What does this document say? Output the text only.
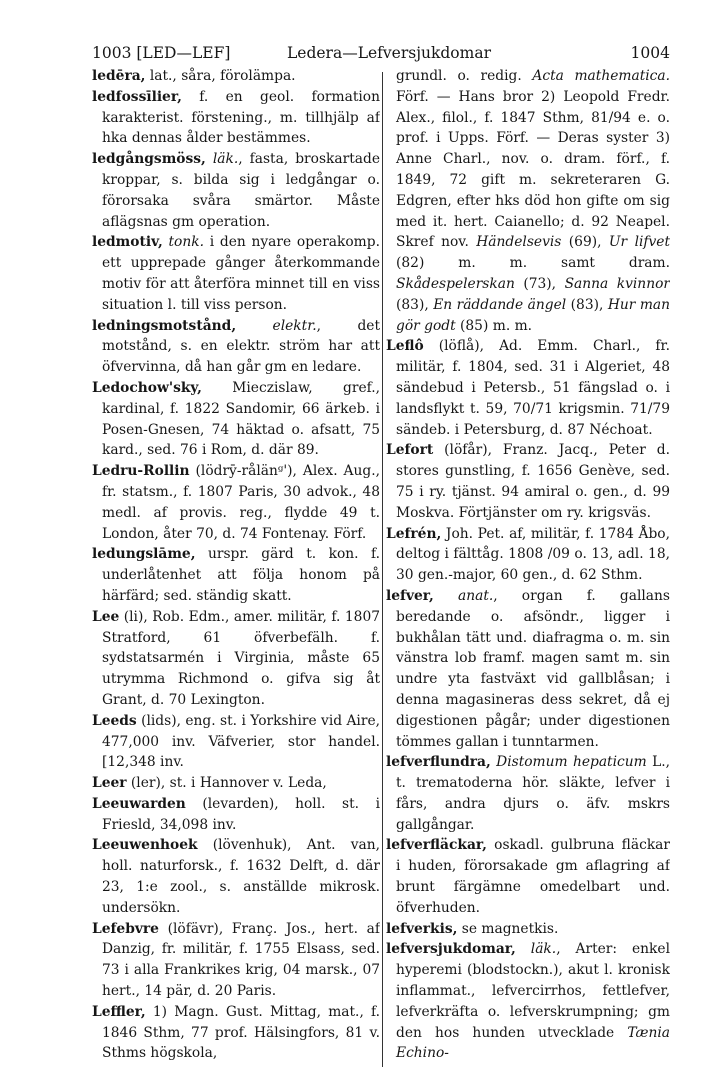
1003 [LED—LEF]	Ledera—Lefversjukdomar	1004

ledēra, lat., såra, förolämpa.

ledfossīlier, f. en geol. formation karakterist. förstening., m. tillhjälp af hka dennas ålder bestämmes.

ledgångsmöss, läk., fasta, broskartade kroppar, s. bilda sig i ledgångar o. förorsaka svåra smärtor. Måste aflägsnas gm operation.

ledmotiv, tonk. i den nyare operakomp. ett upprepade gånger återkommande motiv för att återföra minnet till en viss situation l. till viss person.

ledningsmotstånd,	elektr., det motstånd, s. en elektr. ström har att öfvervinna, då han går gm en ledare.

Ledochow'sky, Mieczislaw, gref., kardinal, f. 1822 Sandomir, 66 ärkeb. i Posen-Gnesen, 74 häktad o. afsatt, 75 kard., sed. 76 i Rom, d. där 89.

Ledru-Rollin (lödrȳ-rålänᵍ'), Alex. Aug., fr. statsm., f. 1807 Paris, 30 advok., 48 medl. af provis. reg., flydde 49 t. London, åter 70, d. 74 Fontenay. Förf.

ledungslāme, urspr. gärd t. kon. f. underlåtenhet att följa honom på härfärd; sed. ständig skatt.

Lee (li), Rob. Edm., amer. militär, f. 1807 Stratford, 61 öfverbefälh. f. sydstatsarmén i Virginia, måste 65 utrymma Richmond o. gifva sig åt Grant, d. 70 Lexington.

Leeds (lids), eng. st. i Yorkshire vid Aire, 477,000 inv. Väfverier, stor handel. [12,348 inv.

Leer (ler), st. i Hannover v. Leda,

Leeuwarden (levarden), holl. st. i Friesld, 34,098 inv.

Leeuwenhoek (lövenhuk), Ant. van, holl. naturforsk., f. 1632 Delft, d. där 23, 1:e zool., s. anställde mikrosk. undersökn.

Lefebvre (löfävr), Franç. Jos., hert. af Danzig, fr. militär, f. 1755 Elsass, sed. 73 i alla Frankrikes krig, 04 marsk., 07 hert., 14 pär, d. 20 Paris.

Leffler, 1) Magn. Gust. Mittag, mat., f. 1846 Sthm, 77 prof. Hälsingfors, 81 v. Sthms högskola,

grundl. o. redig. Acta mathematica. Förf. — Hans bror 2) Leopold Fredr. Alex., filol., f. 1847 Sthm, 81/94 e. o. prof. i Upps. Förf. — Deras syster 3) Anne Charl., nov. o. dram. förf., f. 1849, 72 gift m. sekreteraren G. Edgren, efter hks död hon gifte om sig med it. hert. Caianello; d. 92 Neapel. Skref nov. Händelsevis (69), Ur lifvet (82) m. m. samt dram. Skådespelerskan (73), Sanna kvinnor (83), En räddande ängel (83), Hur man gör godt (85) m. m.

Leflô (löflå), Ad. Emm. Charl., fr. militär, f. 1804, sed. 31 i Algeriet, 48 sändebud i Petersb., 51 fängslad o. i landsflykt t. 59, 70/71 krigsmin. 71/79 sändeb. i Petersburg, d. 87 Néchoat.

Lefort (löfår), Franz. Jacq., Peter d. stores gunstling, f. 1656 Genève, sed. 75 i ry. tjänst. 94 amiral o. gen., d. 99 Moskva. Förtjänster om ry. krigsväs.

Lefrén, Joh. Pet. af, militär, f. 1784 Åbo, deltog i fälttåg. 1808 /09 o. 13, adl. 18, 30 gen.-major, 60 gen., d. 62 Sthm.

lefver, anat., organ f. gallans beredande o. afsöndr., ligger i bukhålan tätt und. diafragma o. m. sin vänstra lob framf. magen samt m. sin undre yta fastväxt vid gallblåsan; i denna magasineras dess sekret, då ej digestionen pågår; under digestionen tömmes gallan i tunntarmen.

lefverflundra, Distomum hepaticum L., t. trematoderna hör. släkte, lefver i fårs, andra djurs o. äfv. mskrs gallgångar.

lefverfläckar, oskadl. gulbruna fläckar i huden, förorsakade gm aflagring af brunt färgämne omedelbart und. öfverhuden.

lefverkis, se magnetkis.

lefversjukdomar, läk., Arter: enkel hyperemi (blodstockn.), akut l. kronisk inflammat., lefvercirrhos, fettlefver, lefverkräfta o. lefverskrumpning; gm den hos hunden utvecklade Tænia Echino-
